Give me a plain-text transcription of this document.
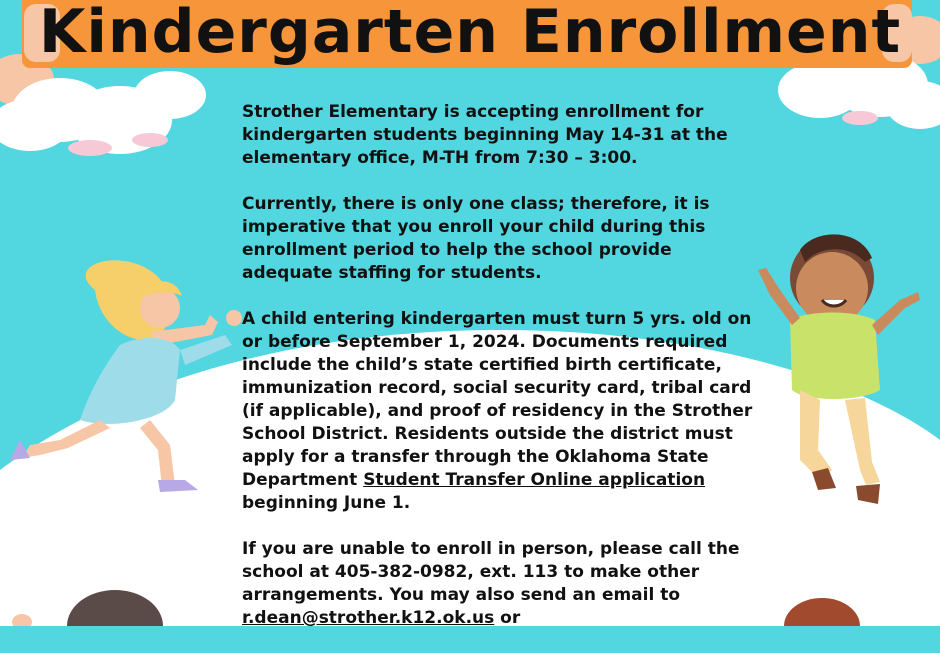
Kindergarten Enrollment

Strother Elementary is accepting enrollment for kindergarten students beginning May 14-31 at the elementary office, M-TH from 7:30 – 3:00.

Currently, there is only one class; therefore, it is imperative that you enroll your child during this enrollment period to help the school provide adequate staffing for students.

A child entering kindergarten must turn 5 yrs. old on or before September 1, 2024. Documents required include the child’s state certified birth certificate, immunization record, social security card, tribal card (if applicable), and proof of residency in the Strother School District. Residents outside the district must apply for a transfer through the Oklahoma State Department Student Transfer Online application beginning June 1.

If you are unable to enroll in person, please call the school at 405-382-0982, ext. 113 to make other arrangements. You may also send an email to r.dean@strother.k12.ok.us or
